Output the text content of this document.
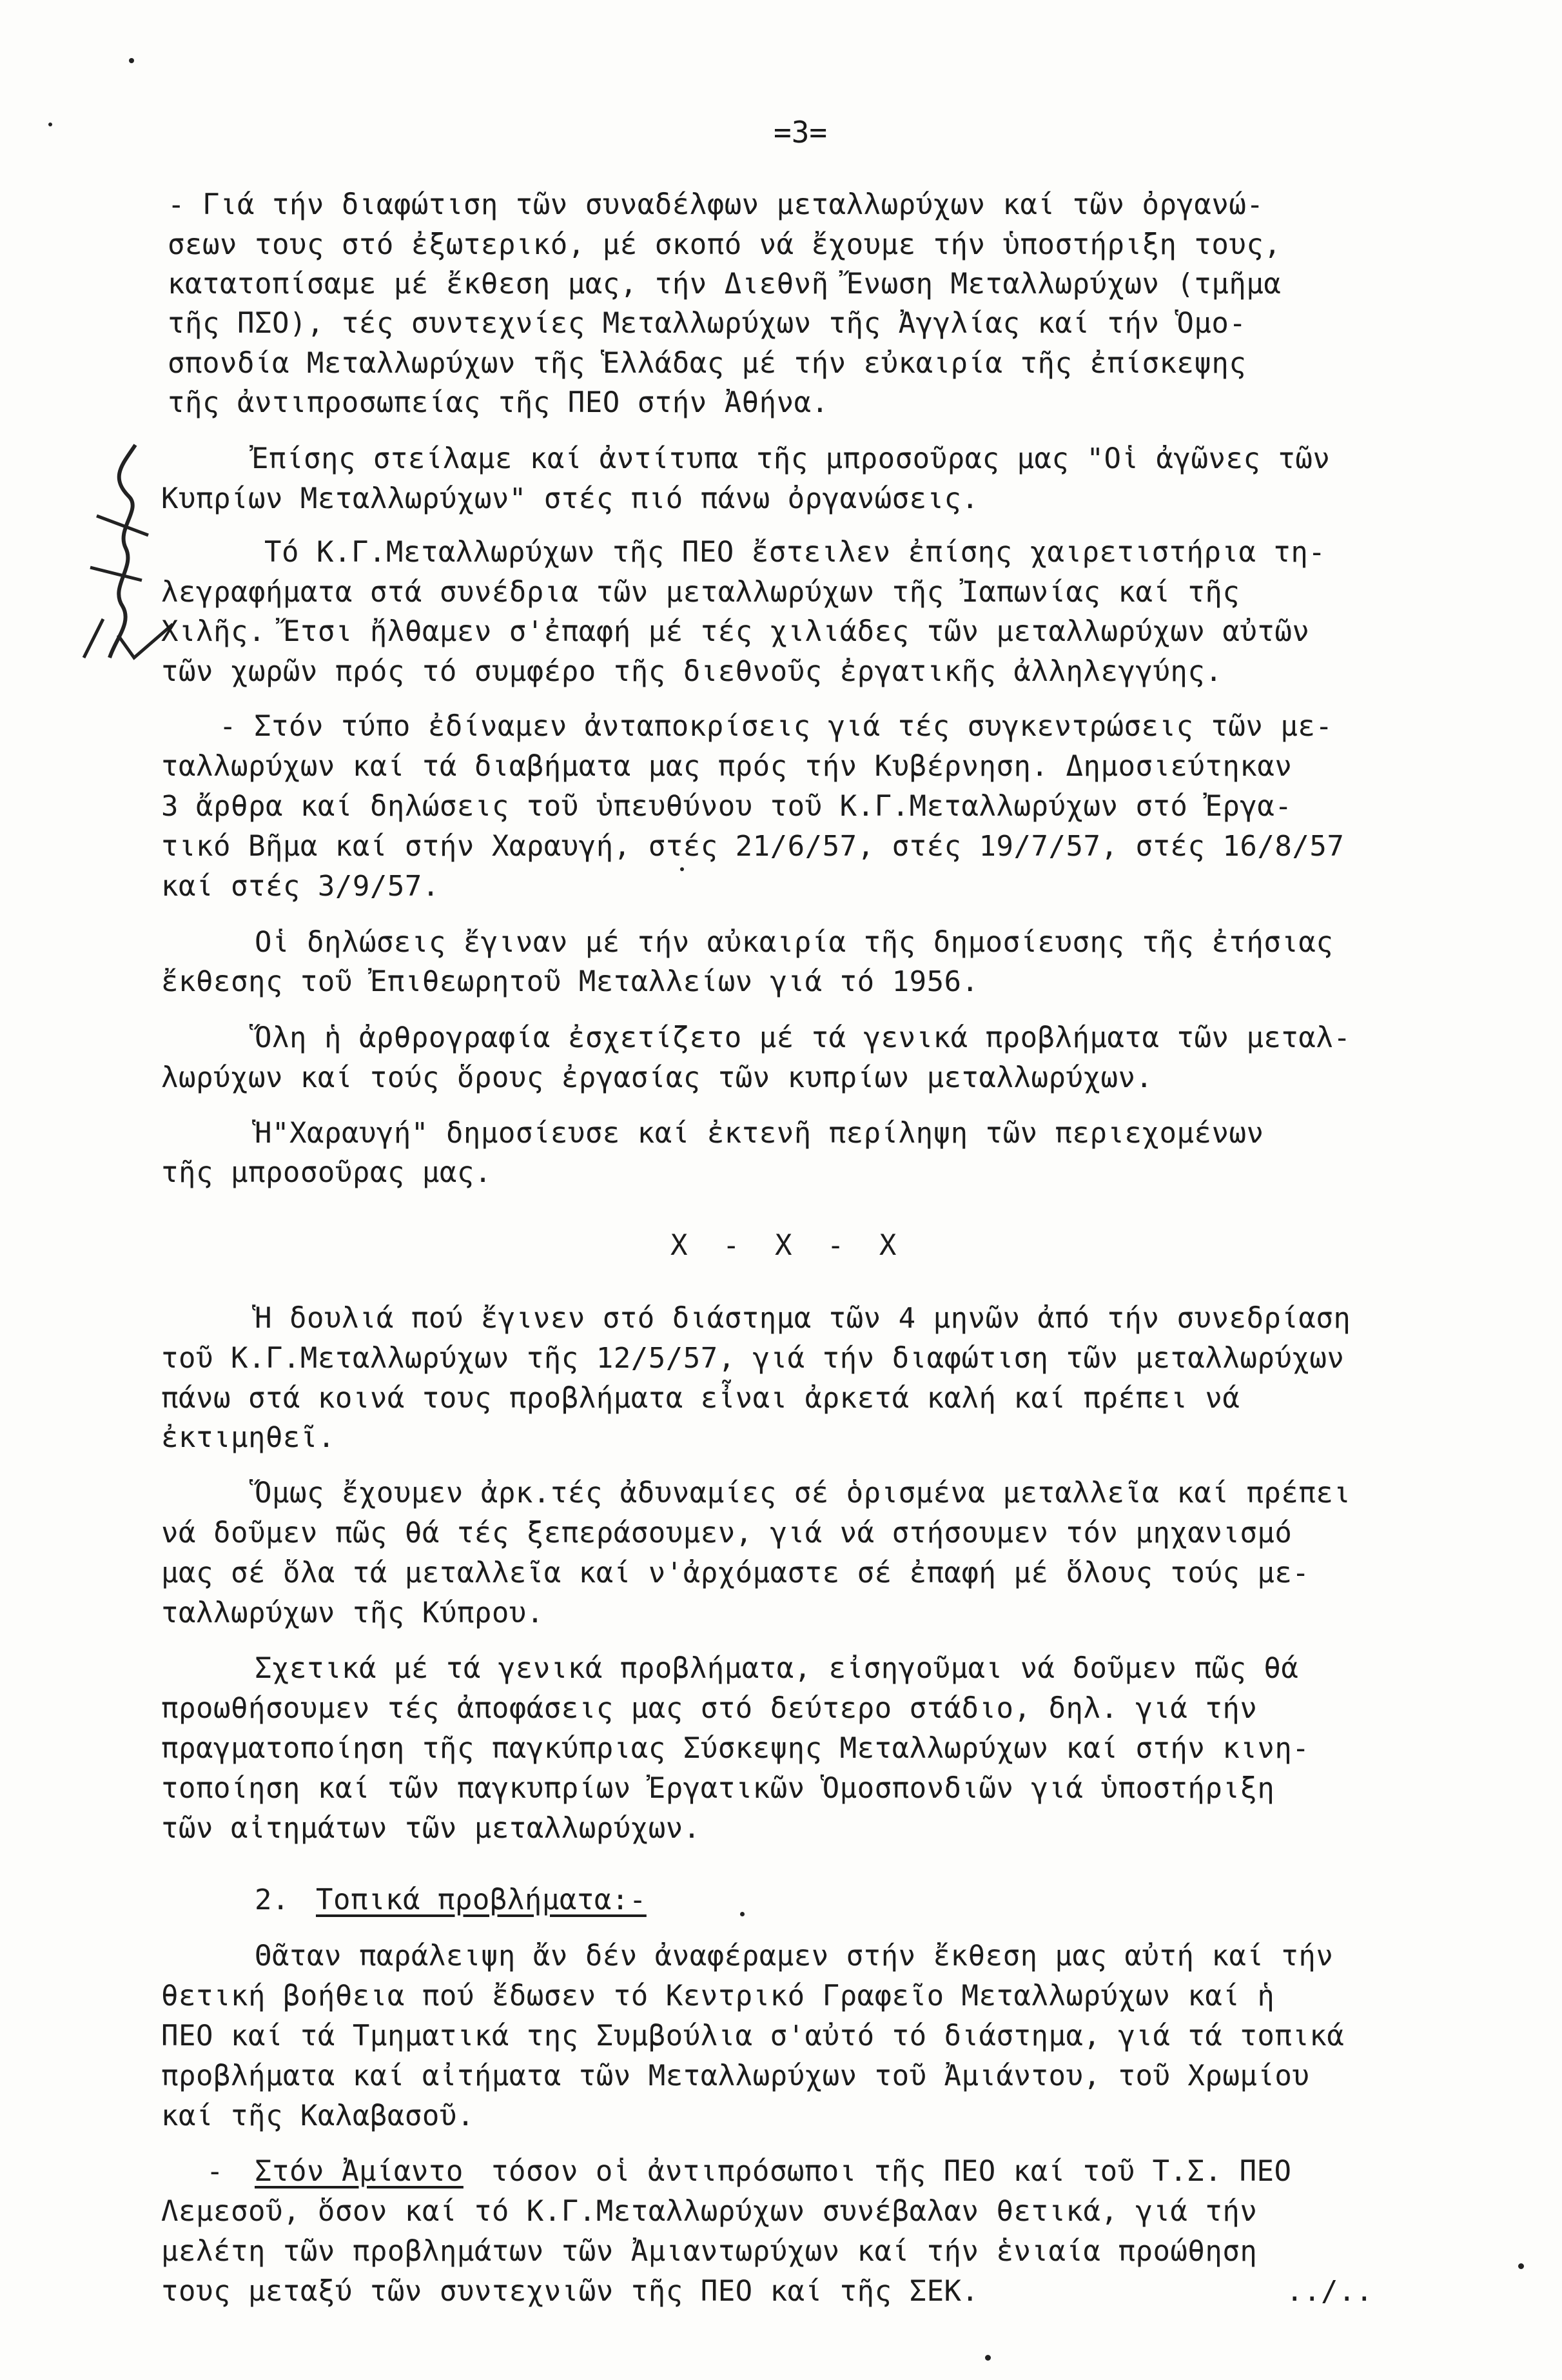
=3=
- Γιά τήν διαφώτιση τῶν συναδέλφων μεταλλωρύχων καί τῶν ὀργανώ-
σεων τους στό ἐξωτερικό, μέ σκοπό νά ἔχουμε τήν ὑποστήριξη τους,
κατατοπίσαμε μέ ἔκθεση μας, τήν Διεθνῆ Ἔνωση Μεταλλωρύχων (τμῆμα
τῆς ΠΣΟ), τές συντεχνίες Μεταλλωρύχων τῆς Ἀγγλίας καί τήν Ὁμο-
σπονδία Μεταλλωρύχων τῆς Ἑλλάδας μέ τήν εὐκαιρία τῆς ἐπίσκεψης
τῆς ἀντιπροσωπείας τῆς ΠΕΟ στήν Ἀθήνα.
Ἐπίσης στείλαμε καί ἀντίτυπα τῆς μπροσοῦρας μας "Οἱ ἀγῶνες τῶν
Κυπρίων Μεταλλωρύχων" στές πιό πάνω ὀργανώσεις.
Τό Κ.Γ.Μεταλλωρύχων τῆς ΠΕΟ ἔστειλεν ἐπίσης χαιρετιστήρια τη-
λεγραφήματα στά συνέδρια τῶν μεταλλωρύχων τῆς Ἰαπωνίας καί τῆς
Χιλῆς. Ἔτσι ἤλθαμεν σ'ἐπαφή μέ τές χιλιάδες τῶν μεταλλωρύχων αὐτῶν
τῶν χωρῶν πρός τό συμφέρο τῆς διεθνοῦς ἐργατικῆς ἀλληλεγγύης.
- Στόν τύπο ἐδίναμεν ἀνταποκρίσεις γιά τές συγκεντρώσεις τῶν με-
ταλλωρύχων καί τά διαβήματα μας πρός τήν Κυβέρνηση. Δημοσιεύτηκαν
3 ἄρθρα καί δηλώσεις τοῦ ὑπευθύνου τοῦ Κ.Γ.Μεταλλωρύχων στό Ἐργα-
τικό Βῆμα καί στήν Χαραυγή, στές 21/6/57, στές 19/7/57, στές 16/8/57
καί στές 3/9/57.
Οἱ δηλώσεις ἔγιναν μέ τήν αὐκαιρία τῆς δημοσίευσης τῆς ἐτήσιας
ἔκθεσης τοῦ Ἐπιθεωρητοῦ Μεταλλείων γιά τό 1956.
Ὅλη ἡ ἀρθρογραφία ἐσχετίζετο μέ τά γενικά προβλήματα τῶν μεταλ-
λωρύχων καί τούς ὅρους ἐργασίας τῶν κυπρίων μεταλλωρύχων.
Ἡ"Χαραυγή" δημοσίευσε καί ἐκτενῆ περίληψη τῶν περιεχομένων
τῆς μπροσοῦρας μας.
Χ  -  Χ  -  Χ
Ἡ δουλιά πού ἔγινεν στό διάστημα τῶν 4 μηνῶν ἀπό τήν συνεδρίαση
τοῦ Κ.Γ.Μεταλλωρύχων τῆς 12/5/57, γιά τήν διαφώτιση τῶν μεταλλωρύχων
πάνω στά κοινά τους προβλήματα εἶναι ἀρκετά καλή καί πρέπει νά
ἐκτιμηθεῖ.
Ὅμως ἔχουμεν ἀρκ.τές ἀδυναμίες σέ ὁρισμένα μεταλλεῖα καί πρέπει
νά δοῦμεν πῶς θά τές ξεπεράσουμεν, γιά νά στήσουμεν τόν μηχανισμό
μας σέ ὅλα τά μεταλλεῖα καί ν'ἀρχόμαστε σέ ἐπαφή μέ ὅλους τούς με-
ταλλωρύχων τῆς Κύπρου.
Σχετικά μέ τά γενικά προβλήματα, εἰσηγοῦμαι νά δοῦμεν πῶς θά
προωθήσουμεν τές ἀποφάσεις μας στό δεύτερο στάδιο, δηλ. γιά τήν
πραγματοποίηση τῆς παγκύπριας Σύσκεψης Μεταλλωρύχων καί στήν κινη-
τοποίηση καί τῶν παγκυπρίων Ἐργατικῶν Ὁμοσπονδιῶν γιά ὑποστήριξη
τῶν αἰτημάτων τῶν μεταλλωρύχων.
2. Τοπικά προβλήματα:-
Θᾶταν παράλειψη ἄν δέν ἀναφέραμεν στήν ἔκθεση μας αὐτή καί τήν
θετική βοήθεια πού ἔδωσεν τό Κεντρικό Γραφεῖο Μεταλλωρύχων καί ἡ
ΠΕΟ καί τά Τμηματικά της Συμβούλια σ'αὐτό τό διάστημα, γιά τά τοπικά
προβλήματα καί αἰτήματα τῶν Μεταλλωρύχων τοῦ Ἀμιάντου, τοῦ Χρωμίου
καί τῆς Καλαβασοῦ.
- Στόν Ἀμίαντο τόσον οἱ ἀντιπρόσωποι τῆς ΠΕΟ καί τοῦ Τ.Σ. ΠΕΟ
Λεμεσοῦ, ὅσον καί τό Κ.Γ.Μεταλλωρύχων συνέβαλαν θετικά, γιά τήν
μελέτη τῶν προβλημάτων τῶν Ἀμιαντωρύχων καί τήν ἑνιαία προώθηση
τους μεταξύ τῶν συντεχνιῶν τῆς ΠΕΟ καί τῆς ΣΕΚ.	../..
